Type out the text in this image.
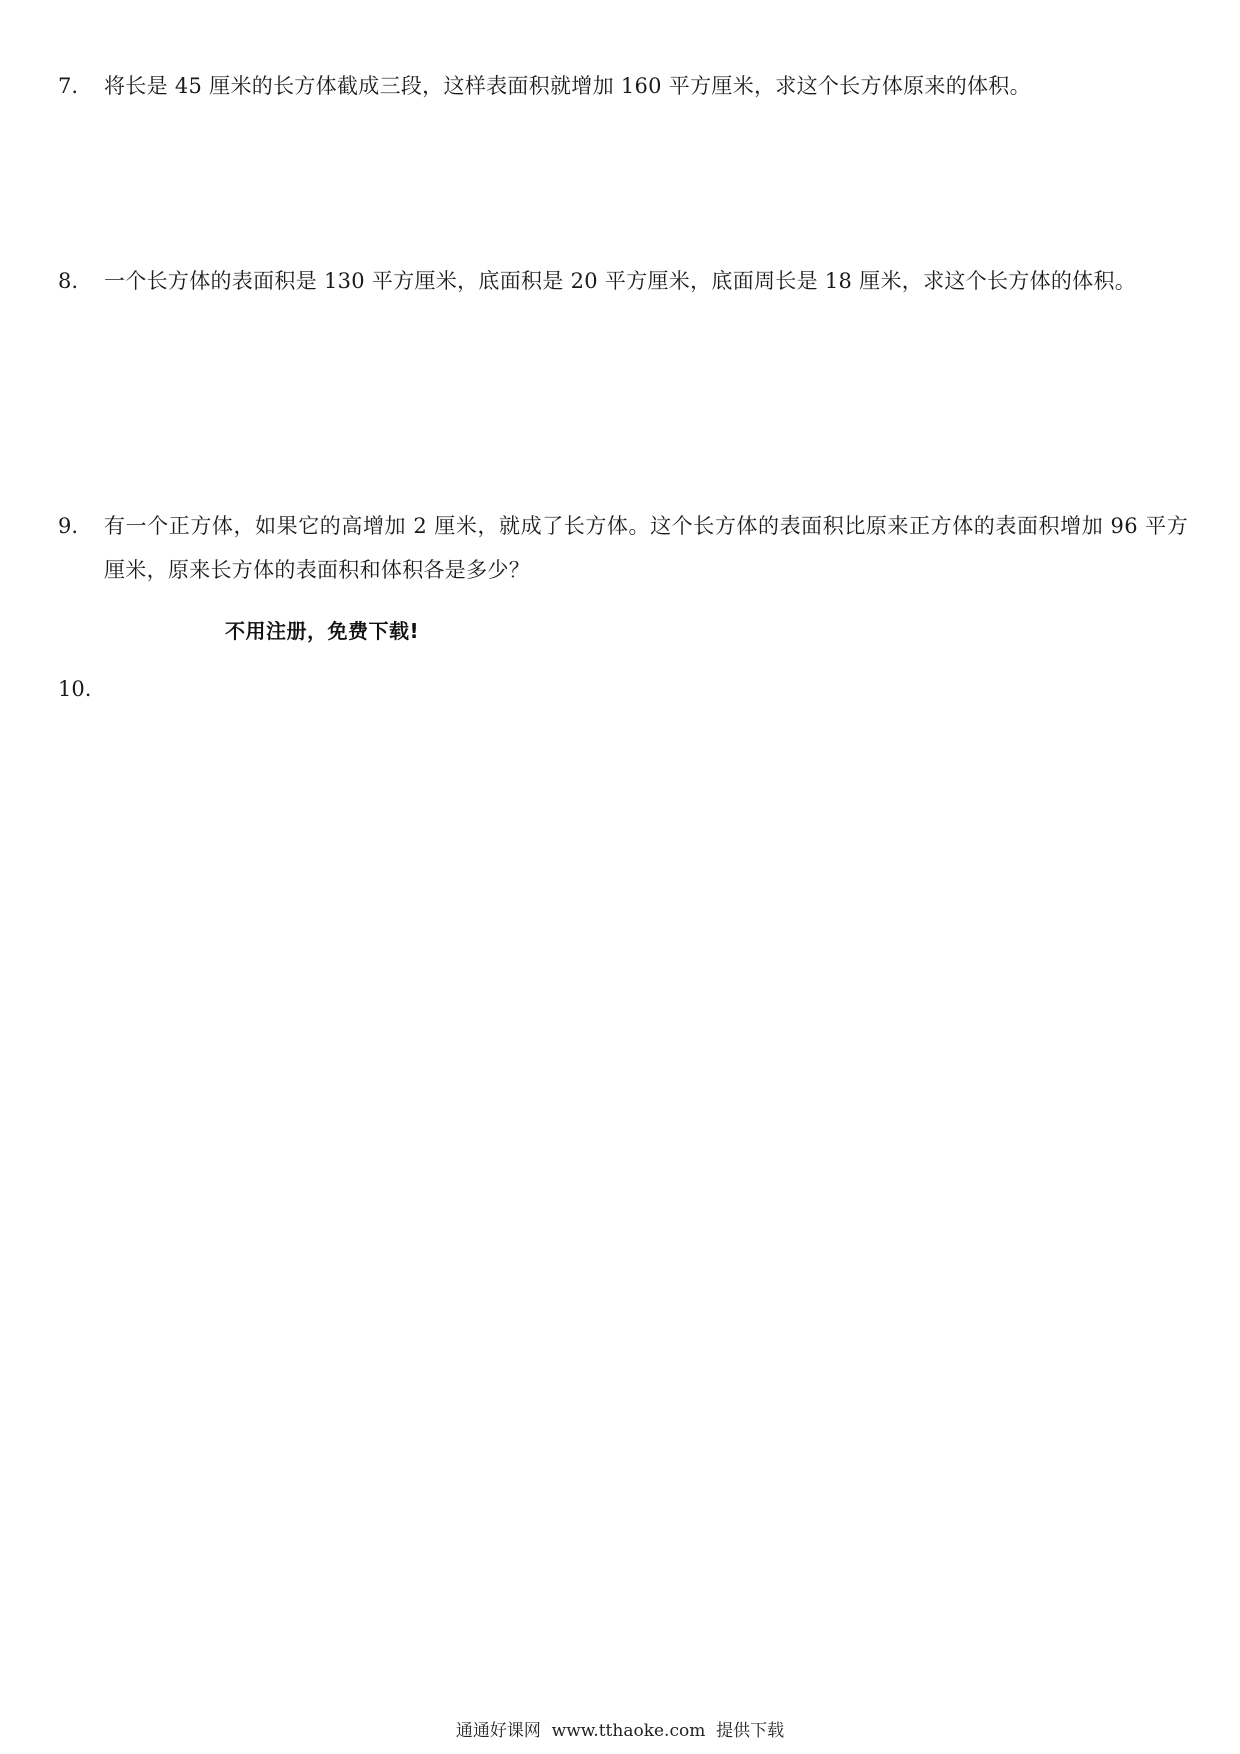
7.	将长是 45 厘米的长方体截成三段，这样表面积就增加 160 平方厘米，求这个长方体原来的体积。
8.	一个长方体的表面积是 130 平方厘米，底面积是 20 平方厘米，底面周长是 18 厘米，求这个长方体的体积。
9.	有一个正方体，如果它的高增加 2 厘米，就成了长方体。这个长方体的表面积比原来正方体的表面积增加 96 平方厘米，原来长方体的表面积和体积各是多少？
不用注册，免费下载!
10.
通通好课网  www.tthaoke.com  提供下载
